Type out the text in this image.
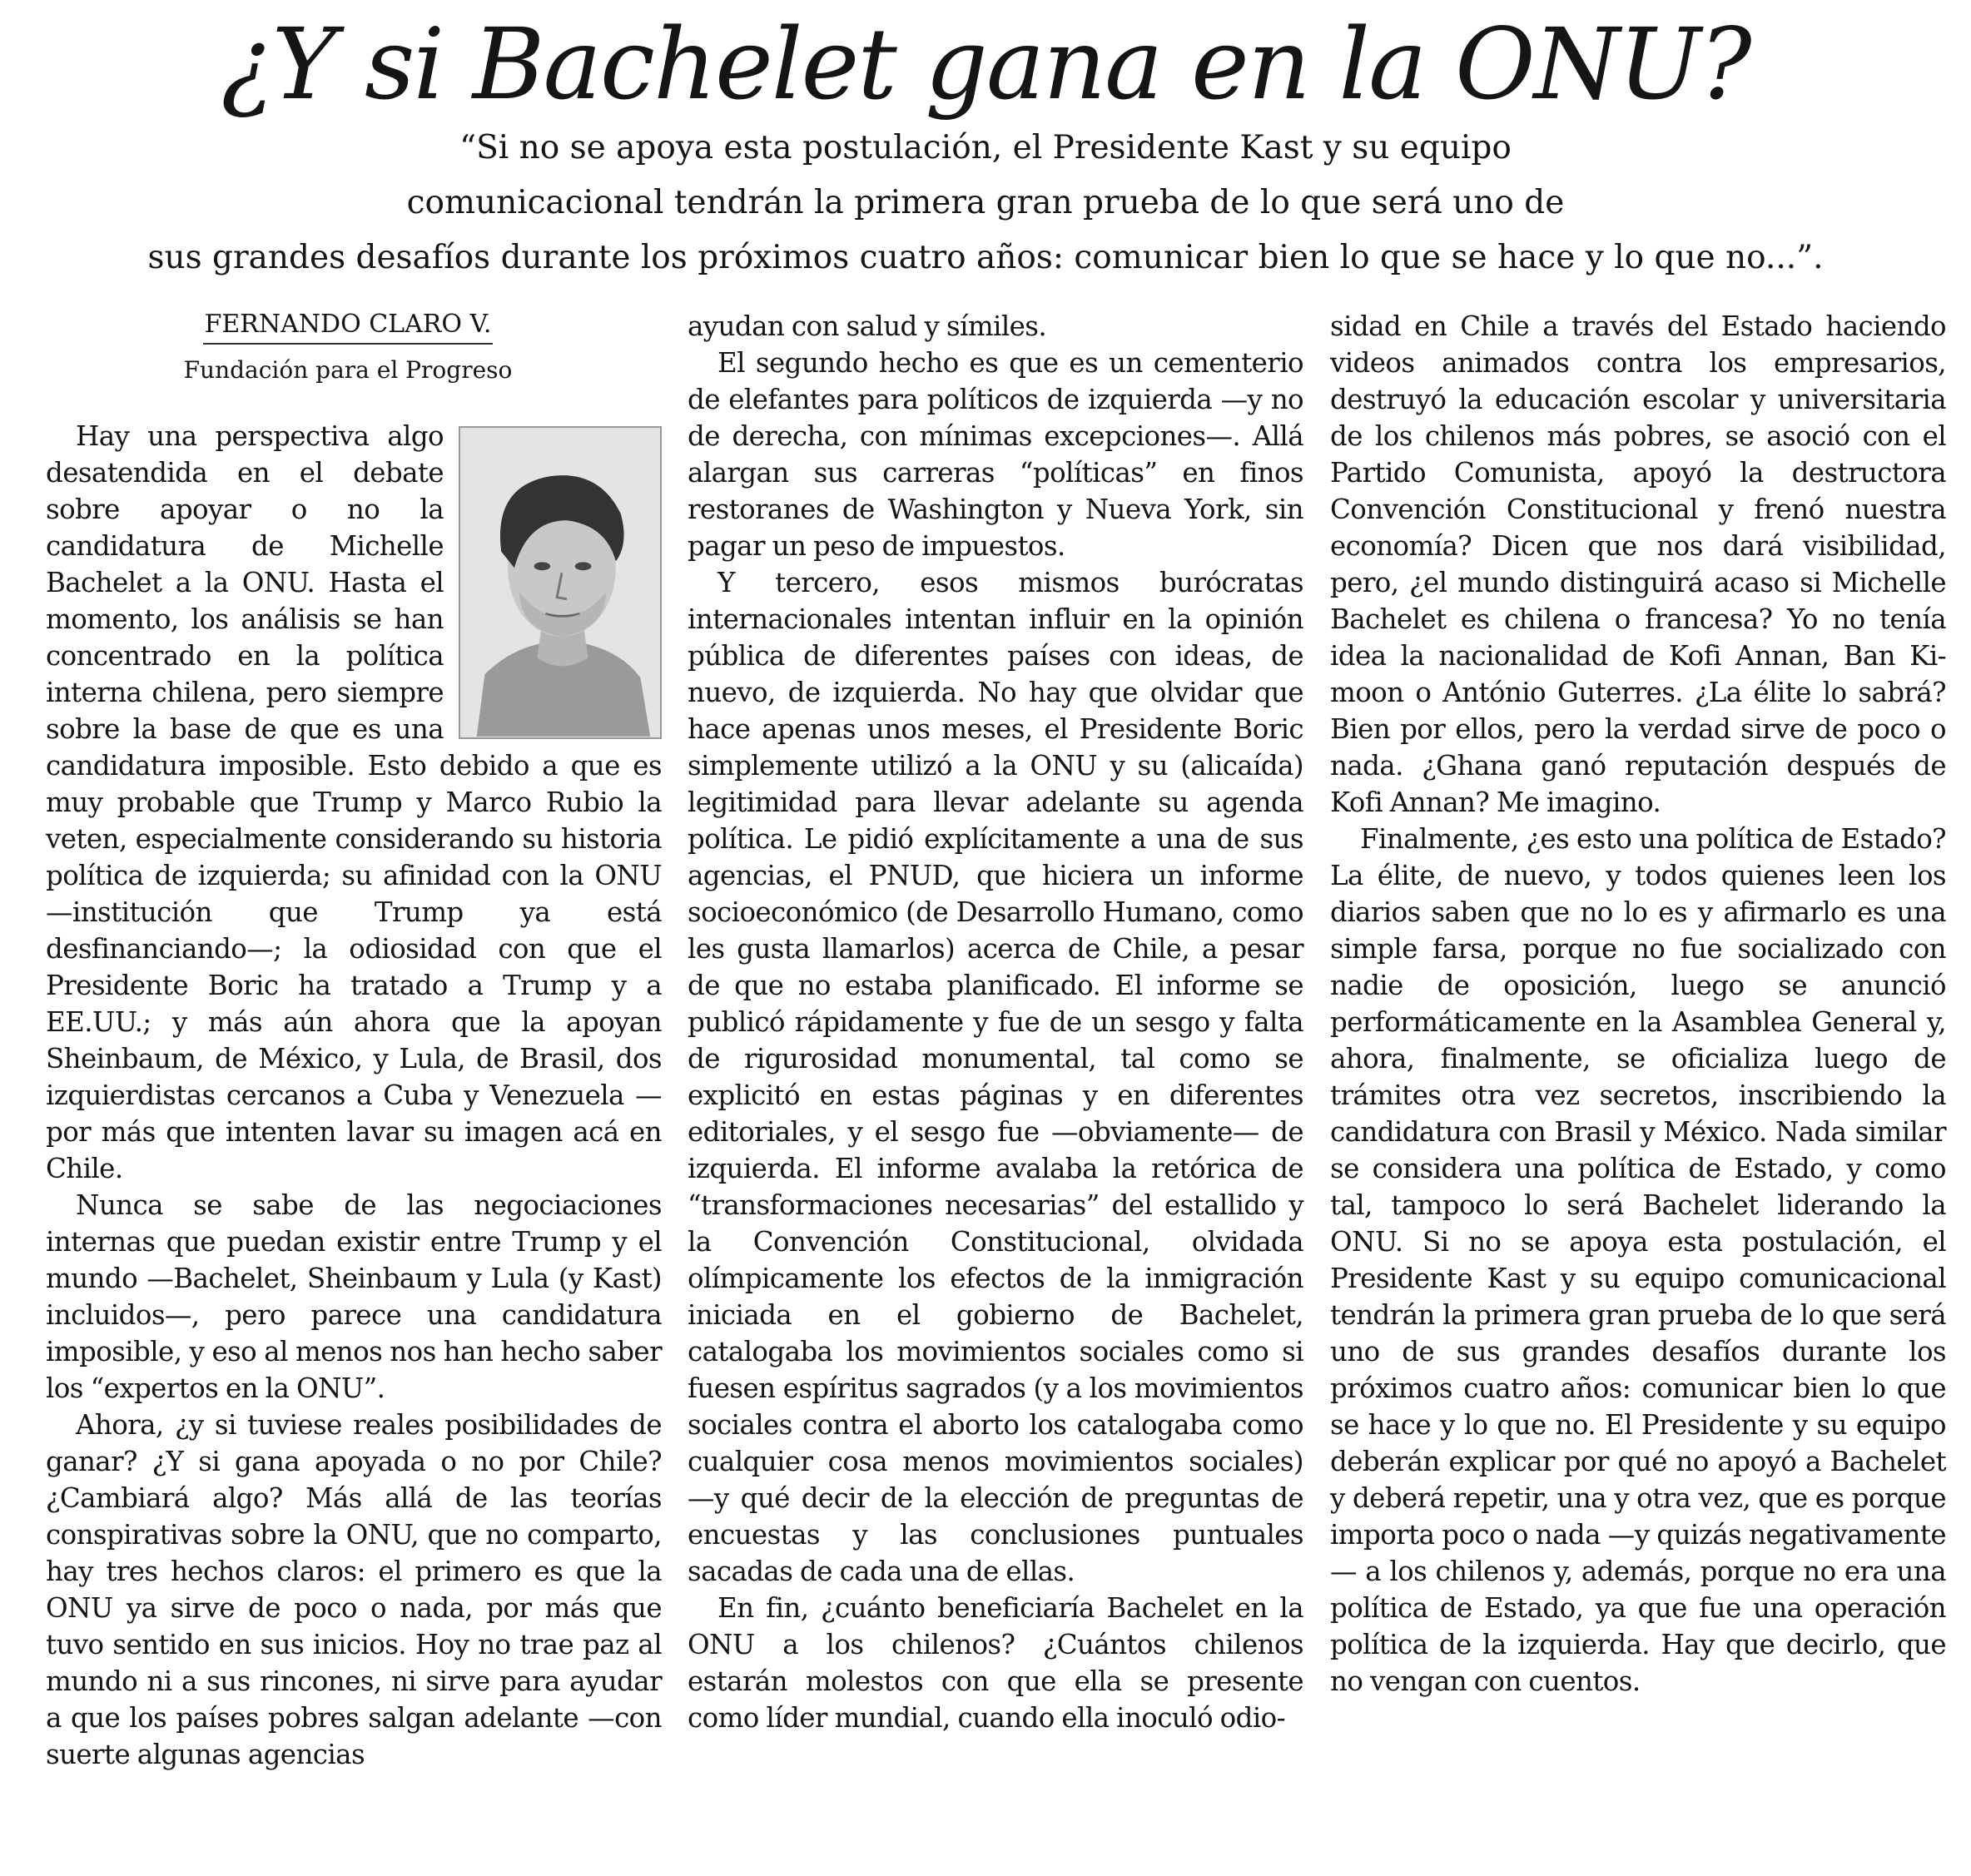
¿Y si Bachelet gana en la ONU?
“Si no se apoya esta postulación, el Presidente Kast y su equipo
comunicacional tendrán la primera gran prueba de lo que será uno de
sus grandes desafíos durante los próximos cuatro años: comunicar bien lo que se hace y lo que no...”.
FERNANDO CLARO V.
Fundación para el Progreso

Hay una perspectiva algo desatendida en el debate sobre apoyar o no la candidatura de Michelle Bachelet a la ONU. Hasta el momento, los análisis se han concentrado en la política interna chilena, pero siempre sobre la base de que es una candidatura imposible. Esto debido a que es muy probable que Trump y Marco Rubio la veten, especialmente considerando su historia política de izquierda; su afinidad con la ONU —institución que Trump ya está desfinanciando—; la odiosidad con que el Presidente Boric ha tratado a Trump y a EE.UU.; y más aún ahora que la apoyan Sheinbaum, de México, y Lula, de Brasil, dos izquierdistas cercanos a Cuba y Venezuela —por más que intenten lavar su imagen acá en Chile.

Nunca se sabe de las negociaciones internas que puedan existir entre Trump y el mundo —Bachelet, Sheinbaum y Lula (y Kast) incluidos—, pero parece una candidatura imposible, y eso al menos nos han hecho saber los “expertos en la ONU”.

Ahora, ¿y si tuviese reales posibilidades de ganar? ¿Y si gana apoyada o no por Chile? ¿Cambiará algo? Más allá de las teorías conspirativas sobre la ONU, que no comparto, hay tres hechos claros: el primero es que la ONU ya sirve de poco o nada, por más que tuvo sentido en sus inicios. Hoy no trae paz al mundo ni a sus rincones, ni sirve para ayudar a que los países pobres salgan adelante —con suerte algunas agencias

ayudan con salud y símiles.

El segundo hecho es que es un cementerio de elefantes para políticos de izquierda —y no de derecha, con mínimas excepciones—. Allá alargan sus carreras “políticas” en finos restoranes de Washington y Nueva York, sin pagar un peso de impuestos.

Y tercero, esos mismos burócratas internacionales intentan influir en la opinión pública de diferentes países con ideas, de nuevo, de izquierda. No hay que olvidar que hace apenas unos meses, el Presidente Boric simplemente utilizó a la ONU y su (alicaída) legitimidad para llevar adelante su agenda política. Le pidió explícitamente a una de sus agencias, el PNUD, que hiciera un informe socioeconómico (de Desarrollo Humano, como les gusta llamarlos) acerca de Chile, a pesar de que no estaba planificado. El informe se publicó rápidamente y fue de un sesgo y falta de rigurosidad monumental, tal como se explicitó en estas páginas y en diferentes editoriales, y el sesgo fue —obviamente— de izquierda. El informe avalaba la retórica de “transformaciones necesarias” del estallido y la Convención Constitucional, olvidada olímpicamente los efectos de la inmigración iniciada en el gobierno de Bachelet, catalogaba los movimientos sociales como si fuesen espíritus sagrados (y a los movimientos sociales contra el aborto los catalogaba como cualquier cosa menos movimientos sociales) —y qué decir de la elección de preguntas de encuestas y las conclusiones puntuales sacadas de cada una de ellas.

En fin, ¿cuánto beneficiaría Bachelet en la ONU a los chilenos? ¿Cuántos chilenos estarán molestos con que ella se presente como líder mundial, cuando ella inoculó odio-

sidad en Chile a través del Estado haciendo videos animados contra los empresarios, destruyó la educación escolar y universitaria de los chilenos más pobres, se asoció con el Partido Comunista, apoyó la destructora Convención Constitucional y frenó nuestra economía? Dicen que nos dará visibilidad, pero, ¿el mundo distinguirá acaso si Michelle Bachelet es chilena o francesa? Yo no tenía idea la nacionalidad de Kofi Annan, Ban Ki-moon o António Guterres. ¿La élite lo sabrá? Bien por ellos, pero la verdad sirve de poco o nada. ¿Ghana ganó reputación después de Kofi Annan? Me imagino.

Finalmente, ¿es esto una política de Estado? La élite, de nuevo, y todos quienes leen los diarios saben que no lo es y afirmarlo es una simple farsa, porque no fue socializado con nadie de oposición, luego se anunció performáticamente en la Asamblea General y, ahora, finalmente, se oficializa luego de trámites otra vez secretos, inscribiendo la candidatura con Brasil y México. Nada similar se considera una política de Estado, y como tal, tampoco lo será Bachelet liderando la ONU. Si no se apoya esta postulación, el Presidente Kast y su equipo comunicacional tendrán la primera gran prueba de lo que será uno de sus grandes desafíos durante los próximos cuatro años: comunicar bien lo que se hace y lo que no. El Presidente y su equipo deberán explicar por qué no apoyó a Bachelet y deberá repetir, una y otra vez, que es porque importa poco o nada —y quizás negativamente— a los chilenos y, además, porque no era una política de Estado, ya que fue una operación política de la izquierda. Hay que decirlo, que no vengan con cuentos.
